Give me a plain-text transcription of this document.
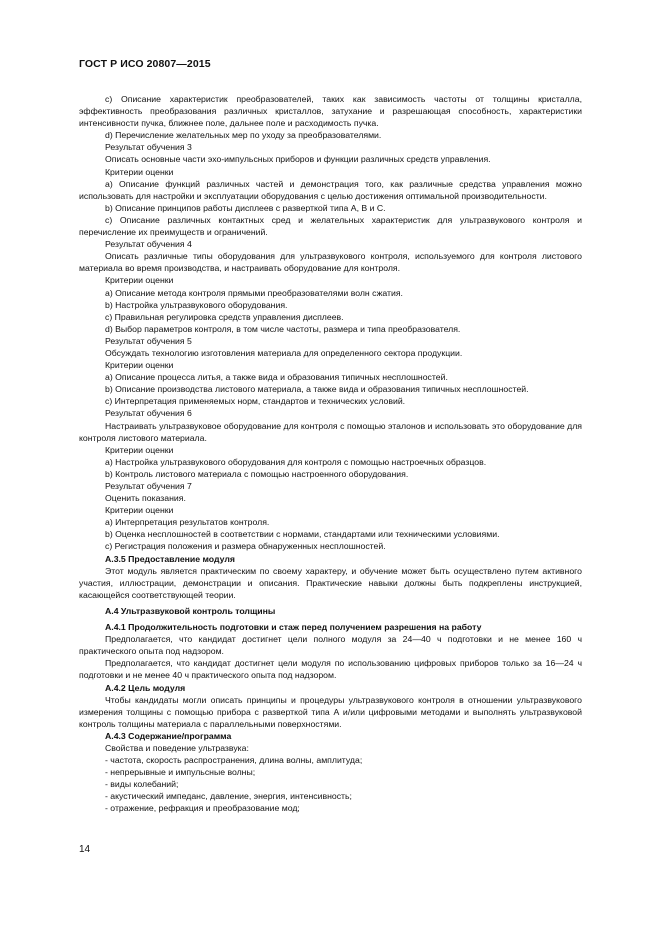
ГОСТ Р ИСО 20807—2015

с) Описание характеристик преобразователей, таких как зависимость частоты от толщины кристалла, эффективность преобразования различных кристаллов, затухание и разрешающая способность, характеристики интенсивности пучка, ближнее поле, дальнее поле и расходимость пучка.

d) Перечисление желательных мер по уходу за преобразователями.

Результат обучения 3

Описать основные части эхо-импульсных приборов и функции различных средств управления.

Критерии оценки

а) Описание функций различных частей и демонстрация того, как различные средства управления можно использовать для настройки и эксплуатации оборудования с целью достижения оптимальной производительности.

b) Описание принципов работы дисплеев с разверткой типа А, В и С.

с) Описание различных контактных сред и желательных характеристик для ультразвукового контроля и перечисление их преимуществ и ограничений.

Результат обучения 4

Описать различные типы оборудования для ультразвукового контроля, используемого для контроля листового материала во время производства, и настраивать оборудование для контроля.

Критерии оценки

а) Описание метода контроля прямыми преобразователями волн сжатия.

b) Настройка ультразвукового оборудования.

с) Правильная регулировка средств управления дисплеев.

d) Выбор параметров контроля, в том числе частоты, размера и типа преобразователя.

Результат обучения 5

Обсуждать технологию изготовления материала для определенного сектора продукции.

Критерии оценки

а) Описание процесса литья, а также вида и образования типичных несплошностей.

b) Описание производства листового материала, а также вида и образования типичных несплошностей.

с) Интерпретация применяемых норм, стандартов и технических условий.

Результат обучения 6

Настраивать ультразвуковое оборудование для контроля с помощью эталонов и использовать это оборудование для контроля листового материала.

Критерии оценки

а) Настройка ультразвукового оборудования для контроля с помощью настроечных образцов.

b) Контроль листового материала с помощью настроенного оборудования.

Результат обучения 7

Оценить показания.

Критерии оценки

а) Интерпретация результатов контроля.

b) Оценка несплошностей в соответствии с нормами, стандартами или техническими условиями.

с) Регистрация положения и размера обнаруженных несплошностей.

А.3.5 Предоставление модуля

Этот модуль является практическим по своему характеру, и обучение может быть осуществлено путем активного участия, иллюстрации, демонстрации и описания. Практические навыки должны быть подкреплены инструкцией, касающейся соответствующей теории.

А.4 Ультразвуковой контроль толщины

А.4.1 Продолжительность подготовки и стаж перед получением разрешения на работу

Предполагается, что кандидат достигнет цели полного модуля за 24—40 ч подготовки и не менее 160 ч практического опыта под надзором.

Предполагается, что кандидат достигнет цели модуля по использованию цифровых приборов только за 16—24 ч подготовки и не менее 40 ч практического опыта под надзором.

А.4.2 Цель модуля

Чтобы кандидаты могли описать принципы и процедуры ультразвукового контроля в отношении ультразвукового измерения толщины с помощью прибора с разверткой типа А и/или цифровыми методами и выполнять ультразвуковой контроль толщины материала с параллельными поверхностями.

А.4.3 Содержание/программа

Свойства и поведение ультразвука:

- частота, скорость распространения, длина волны, амплитуда;

- непрерывные и импульсные волны;

- виды колебаний;

- акустический импеданс, давление, энергия, интенсивность;

- отражение, рефракция и преобразование мод;

14
